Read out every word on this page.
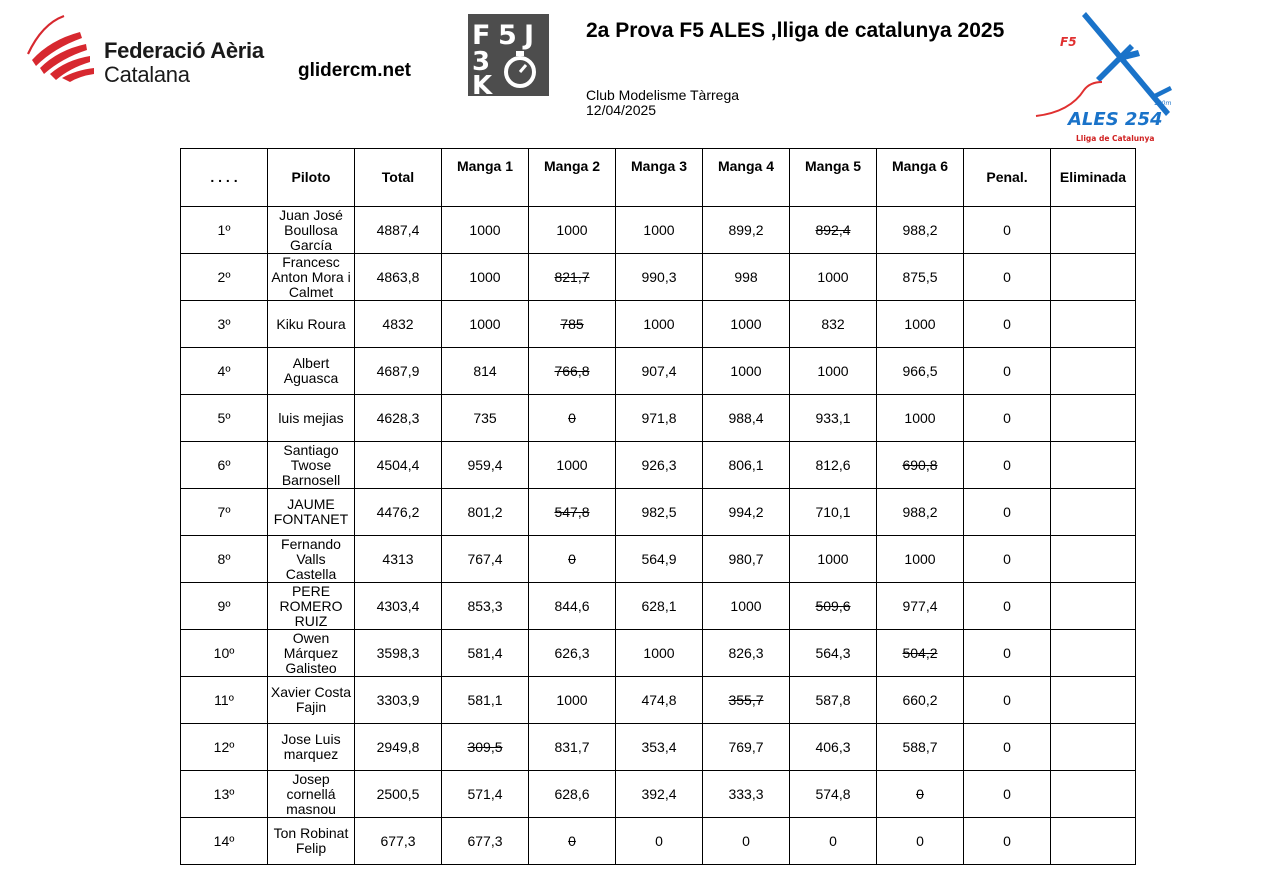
Federació Aèria
Catalana	glidercm.net
F 5 J
3
K
2a Prova F5 ALES ,lliga de catalunya 2025
Club Modelisme Tàrrega
12/04/2025
F5
120m
ALES 254
Lliga de Catalunya
. . . .	Piloto	Total	Manga 1	Manga 2	Manga 3	Manga 4	Manga 5	Manga 6	Penal.	Eliminada
1º	Juan José Boullosa García	4887,4	1000	1000	1000	899,2	892,4	988,2	0	
2º	Francesc Anton Mora i Calmet	4863,8	1000	821,7	990,3	998	1000	875,5	0	
3º	Kiku Roura	4832	1000	785	1000	1000	832	1000	0	
4º	Albert Aguasca	4687,9	814	766,8	907,4	1000	1000	966,5	0	
5º	luis mejias	4628,3	735	0	971,8	988,4	933,1	1000	0	
6º	Santiago Twose Barnosell	4504,4	959,4	1000	926,3	806,1	812,6	690,8	0	
7º	JAUME FONTANET	4476,2	801,2	547,8	982,5	994,2	710,1	988,2	0	
8º	Fernando Valls Castella	4313	767,4	0	564,9	980,7	1000	1000	0	
9º	PERE ROMERO RUIZ	4303,4	853,3	844,6	628,1	1000	509,6	977,4	0	
10º	Owen Márquez Galisteo	3598,3	581,4	626,3	1000	826,3	564,3	504,2	0	
11º	Xavier Costa Fajin	3303,9	581,1	1000	474,8	355,7	587,8	660,2	0	
12º	Jose Luis marquez	2949,8	309,5	831,7	353,4	769,7	406,3	588,7	0	
13º	Josep cornellá masnou	2500,5	571,4	628,6	392,4	333,3	574,8	0	0	
14º	Ton Robinat Felip	677,3	677,3	0	0	0	0	0	0	
